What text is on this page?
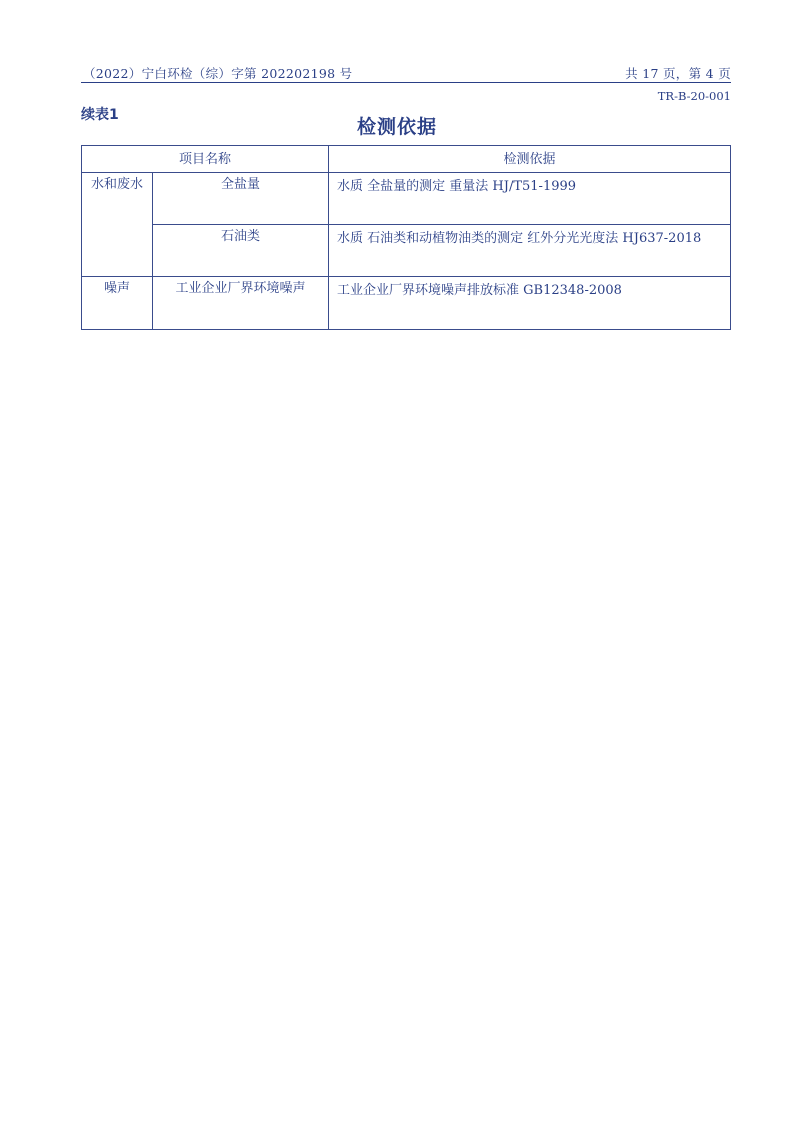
（2022）宁白环检（综）字第 202202198 号	共 17 页，第 4 页
TR-B-20-001
续表1
检测依据
项目名称		检测依据
水和废水	全盐量	水质 全盐量的测定 重量法 HJ/T51-1999
	石油类	水质 石油类和动植物油类的测定 红外分光光度法 HJ637-2018
噪声	工业企业厂界环境噪声	工业企业厂界环境噪声排放标准 GB12348-2008
